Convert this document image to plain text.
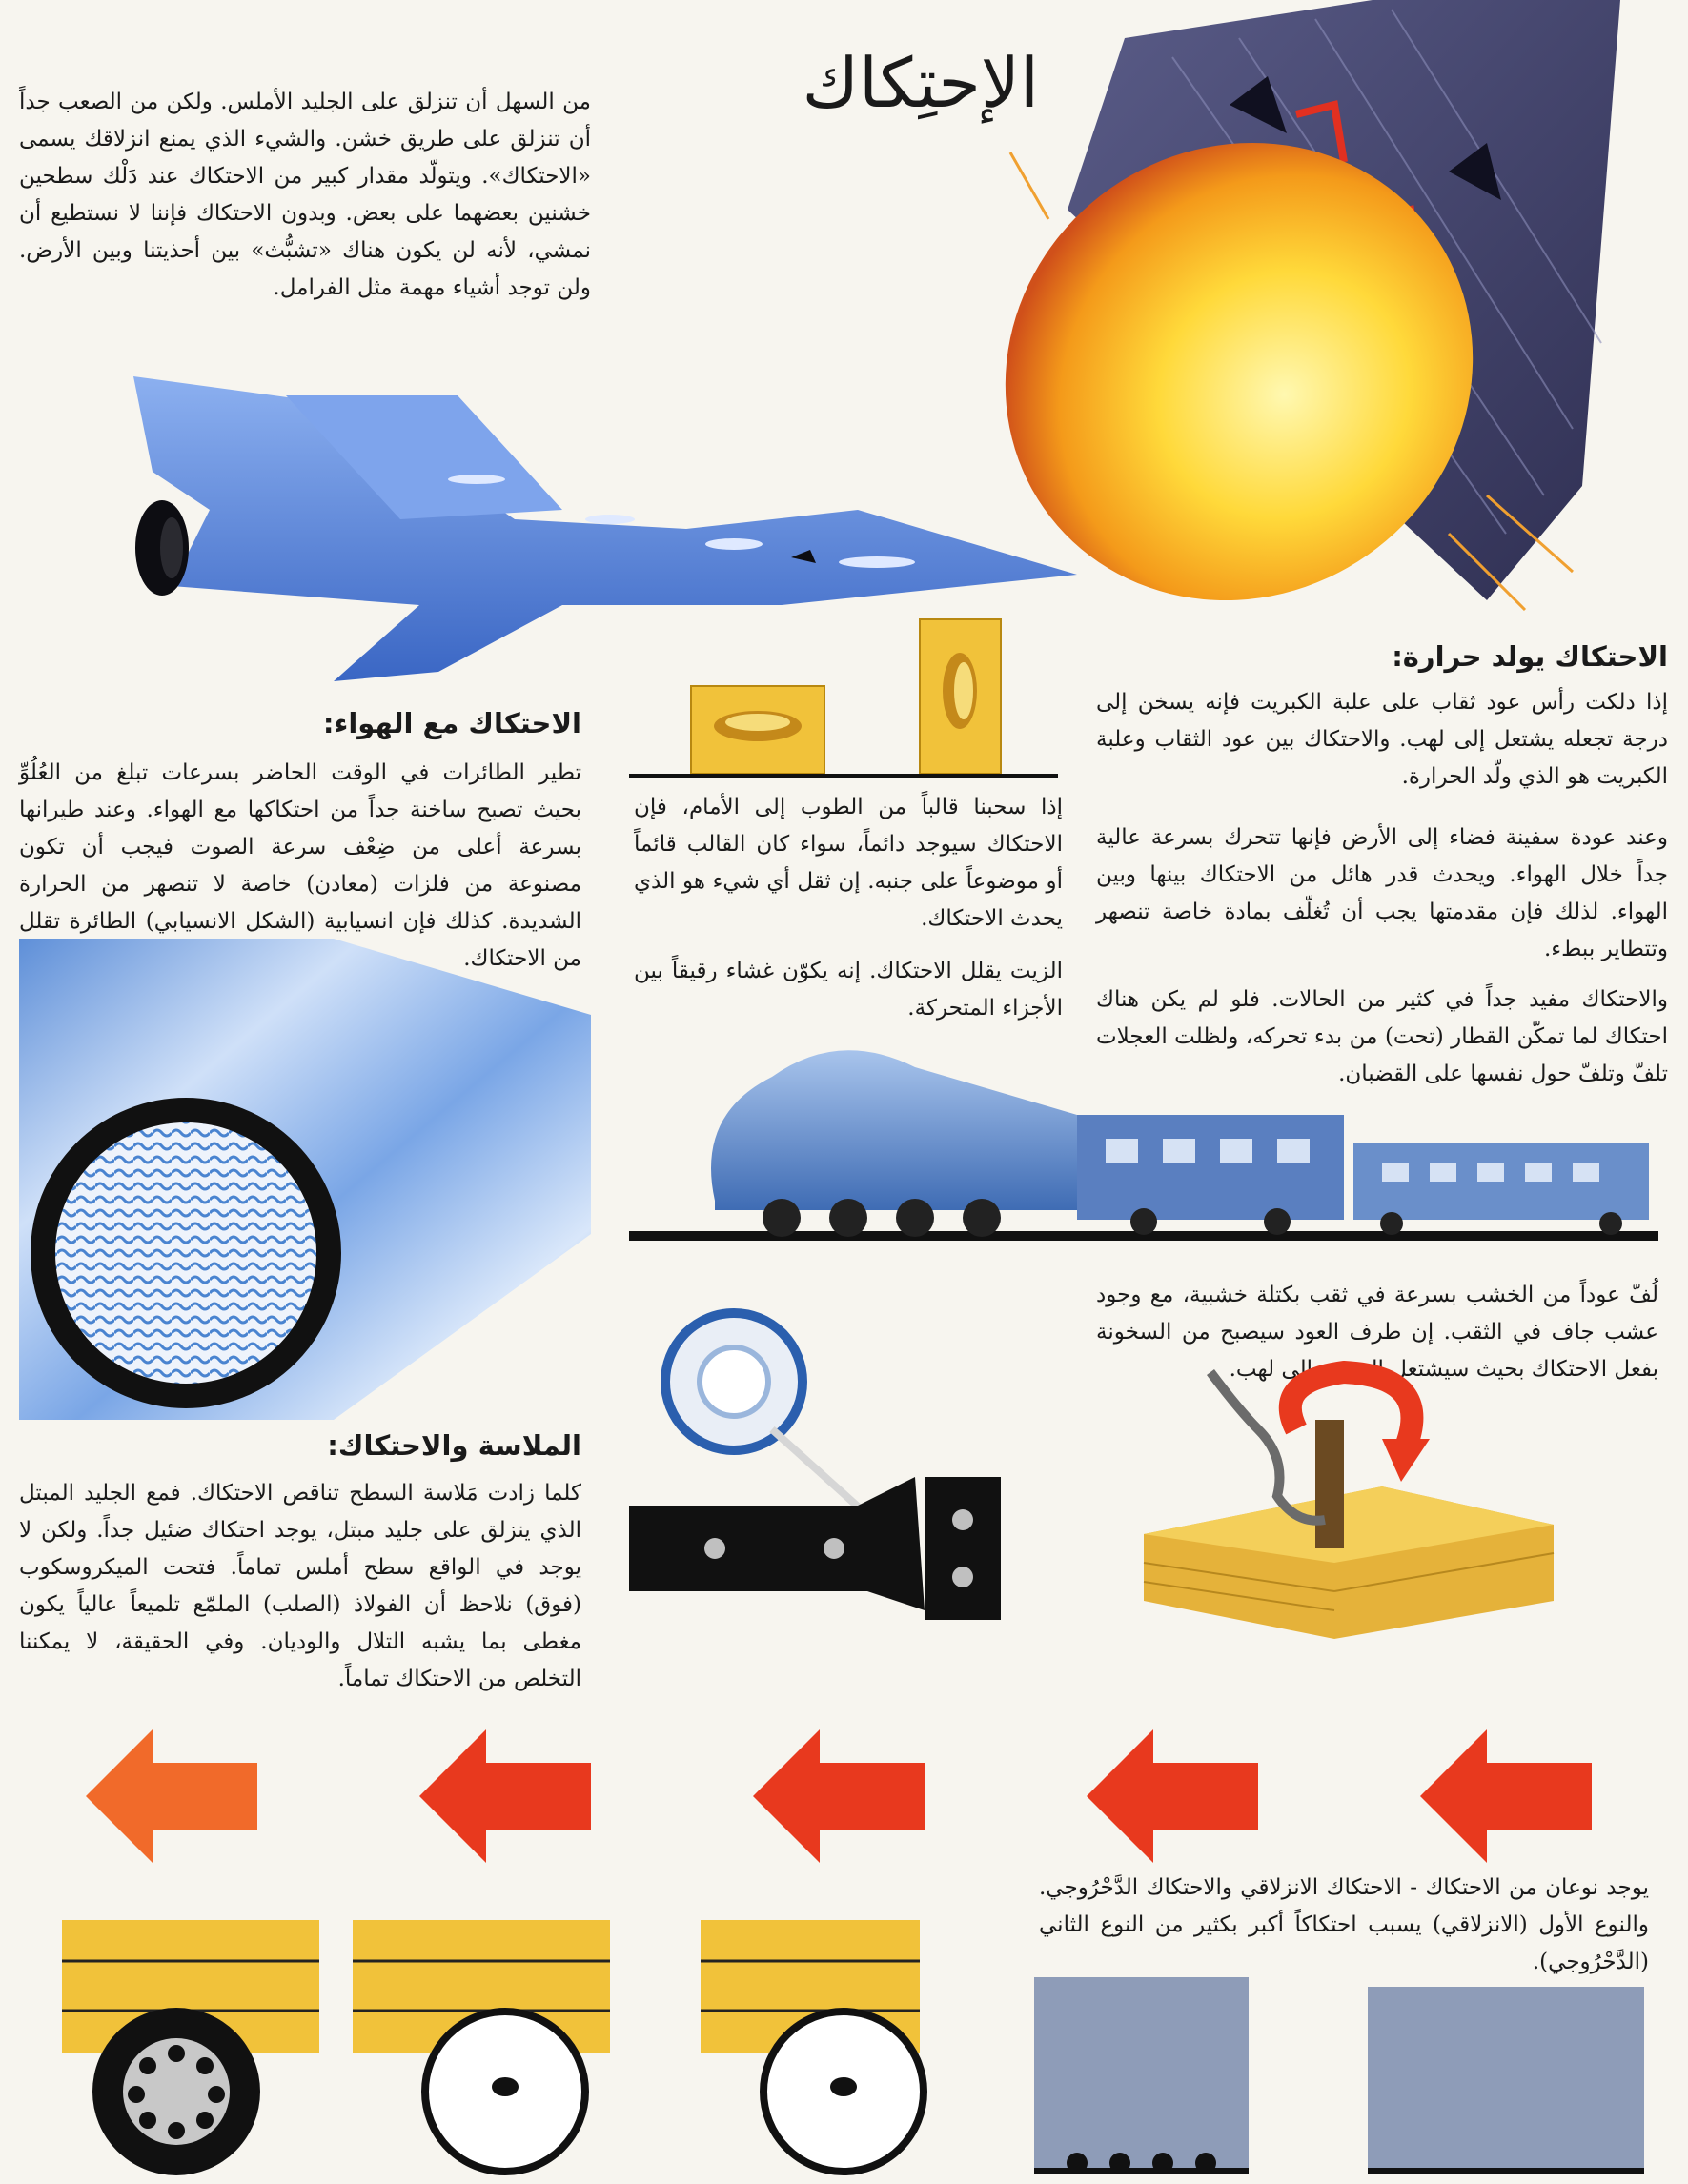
الإحتِكاك
من السهل أن تنزلق على الجليد الأملس. ولكن من الصعب جداً أن تنزلق على طريق خشن. والشيء الذي يمنع انزلاقك يسمى «الاحتكاك». ويتولّد مقدار كبير من الاحتكاك عند دَلْك سطحين خشنين بعضهما على بعض. وبدون الاحتكاك فإننا لا نستطيع أن نمشي، لأنه لن يكون هناك «تشبُّث» بين أحذيتنا وبين الأرض. ولن توجد أشياء مهمة مثل الفرامل.
الاحتكاك يولد حرارة:
إذا دلكت رأس عود ثقاب على علبة الكبريت فإنه يسخن إلى درجة تجعله يشتعل إلى لهب. والاحتكاك بين عود الثقاب وعلبة الكبريت هو الذي ولّد الحرارة.
وعند عودة سفينة فضاء إلى الأرض فإنها تتحرك بسرعة عالية جداً خلال الهواء. ويحدث قدر هائل من الاحتكاك بينها وبين الهواء. لذلك فإن مقدمتها يجب أن تُغلّف بمادة خاصة تنصهر وتتطاير ببطء.
والاحتكاك مفيد جداً في كثير من الحالات. فلو لم يكن هناك احتكاك لما تمكّن القطار (تحت) من بدء تحركه، ولظلت العجلات تلفّ وتلفّ حول نفسها على القضبان.
الاحتكاك مع الهواء:
تطير الطائرات في الوقت الحاضر بسرعات تبلغ من العُلُوِّ بحيث تصبح ساخنة جداً من احتكاكها مع الهواء. وعند طيرانها بسرعة أعلى من ضِعْف سرعة الصوت فيجب أن تكون مصنوعة من فلزات (معادن) خاصة لا تنصهر من الحرارة الشديدة. كذلك فإن انسيابية (الشكل الانسيابي) الطائرة تقلل من الاحتكاك.
إذا سحبنا قالباً من الطوب إلى الأمام، فإن الاحتكاك سيوجد دائماً، سواء كان القالب قائماً أو موضوعاً على جنبه. إن ثقل أي شيء هو الذي يحدث الاحتكاك.
الزيت يقلل الاحتكاك. إنه يكوّن غشاء رقيقاً بين الأجزاء المتحركة.
لُفّ عوداً من الخشب بسرعة في ثقب بكتلة خشبية، مع وجود عشب جاف في الثقب. إن طرف العود سيصبح من السخونة بفعل الاحتكاك بحيث سيشتعل العشب إلى لهب.
الملاسة والاحتكاك:
كلما زادت مَلاسة السطح تناقص الاحتكاك. فمع الجليد المبتل الذي ينزلق على جليد مبتل، يوجد احتكاك ضئيل جداً. ولكن لا يوجد في الواقع سطح أملس تماماً. فتحت الميكروسكوب (فوق) نلاحظ أن الفولاذ (الصلب) الملمّع تلميعاً عالياً يكون مغطى بما يشبه التلال والوديان. وفي الحقيقة، لا يمكننا التخلص من الاحتكاك تماماً.
يوجد نوعان من الاحتكاك - الاحتكاك الانزلاقي والاحتكاك الدَّحْرُوجي. والنوع الأول (الانزلاقي) يسبب احتكاكاً أكبر بكثير من النوع الثاني (الدَّحْرُوجي).
